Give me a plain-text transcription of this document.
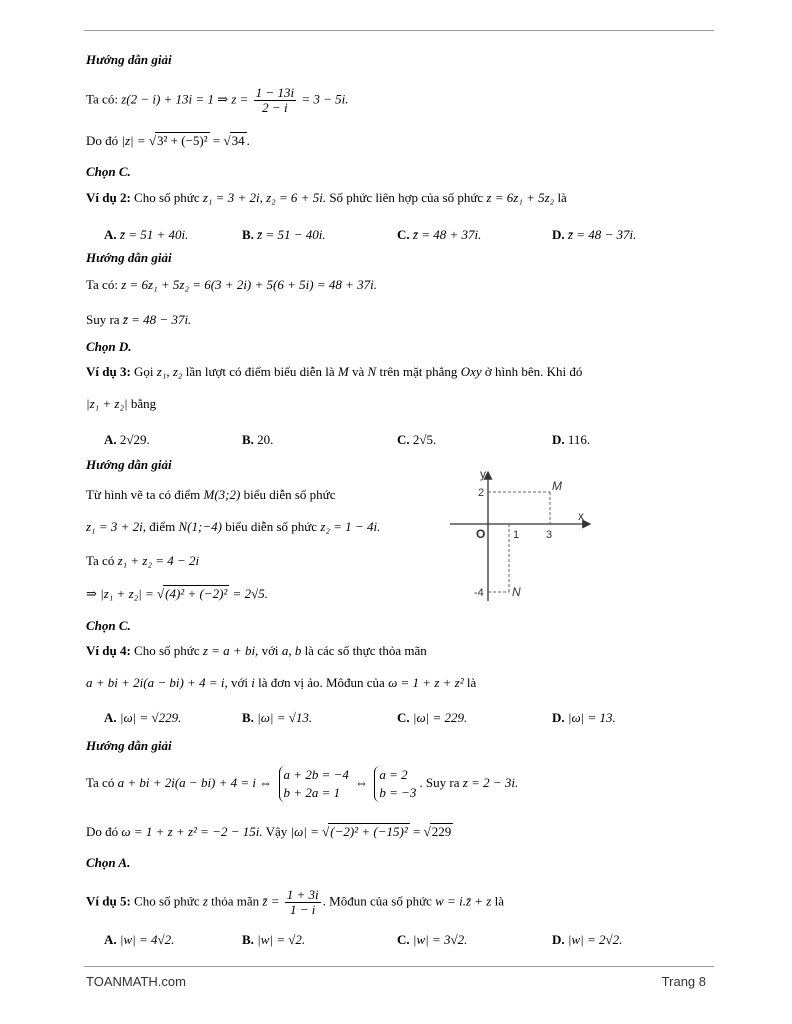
Hướng dẫn giải
Ta có: z(2 − i) + 13i = 1 ⇒ $z = \frac{1 - 13i}{2 - i} = 3 - 5i$.
Do đó |z| = √3² + (−5)² = √34 .
Chọn C.
Ví dụ 2: Cho số phức z₁ = 3 + 2i, z₂ = 6 + 5i. Số phức liên hợp của số phức z = 6z₁ + 5z₂ là
A. z̄ = 51 + 40i.	B. z̄ = 51 − 40i.	C. z̄ = 48 + 37i.	D. z̄ = 48 − 37i.
Hướng dẫn giải
Ta có: z = 6z₁ + 5z₂ = 6(3 + 2i) + 5(6 + 5i) = 48 + 37i.
Suy ra z̄ = 48 − 37i.
Chọn D.
Ví dụ 3: Gọi z₁, z₂ lần lượt có điểm biểu diễn là M và N trên mặt phẳng Oxy ở hình bên. Khi đó
|z₁ + z₂| bằng
A. 2√29.	B. 20.	C. 2√5.	D. 116.
Hướng dẫn giải
Từ hình vẽ ta có điểm M(3;2) biểu diễn số phức
z₁ = 3 + 2i, điểm N(1;−4) biểu diễn số phức z₂ = 1 − 4i.
Ta có z₁ + z₂ = 4 − 2i
⇒ |z₁ + z₂| = √(4)² + (−2)² = 2√5.
Chọn C.
y
x
O	1 3
2
-4
M
N
Ví dụ 4: Cho số phức z = a + bi, với a, b là các số thực thỏa mãn
a + bi + 2i(a − bi) + 4 = i, với i là đơn vị ảo. Môđun của ω = 1 + z + z² là
A. |ω| = √229.	B. |ω| = √13.	C. |ω| = 229.	D. |ω| = 13.
Hướng dẫn giải
Ta có a + bi + 2i(a − bi) + 4 = i ⇔
a + 2b = −4
b + 2a = 1
⇔
a = 2
b = −3
. Suy ra z = 2 − 3i.
Do đó ω = 1 + z + z² = −2 − 15i. Vậy |ω| = √(−2)² + (−15)² = √229
Chọn A.
Ví dụ 5: Cho số phức z thỏa mãn z̄ = $\frac{1 + 3i}{1 - i}$ . Môđun của số phức w = i.z̄ + z là
A. |w| = 4√2.	B. |w| = √2.	C. |w| = 3√2.	D. |w| = 2√2.
TOANMATH.com	Trang 8
